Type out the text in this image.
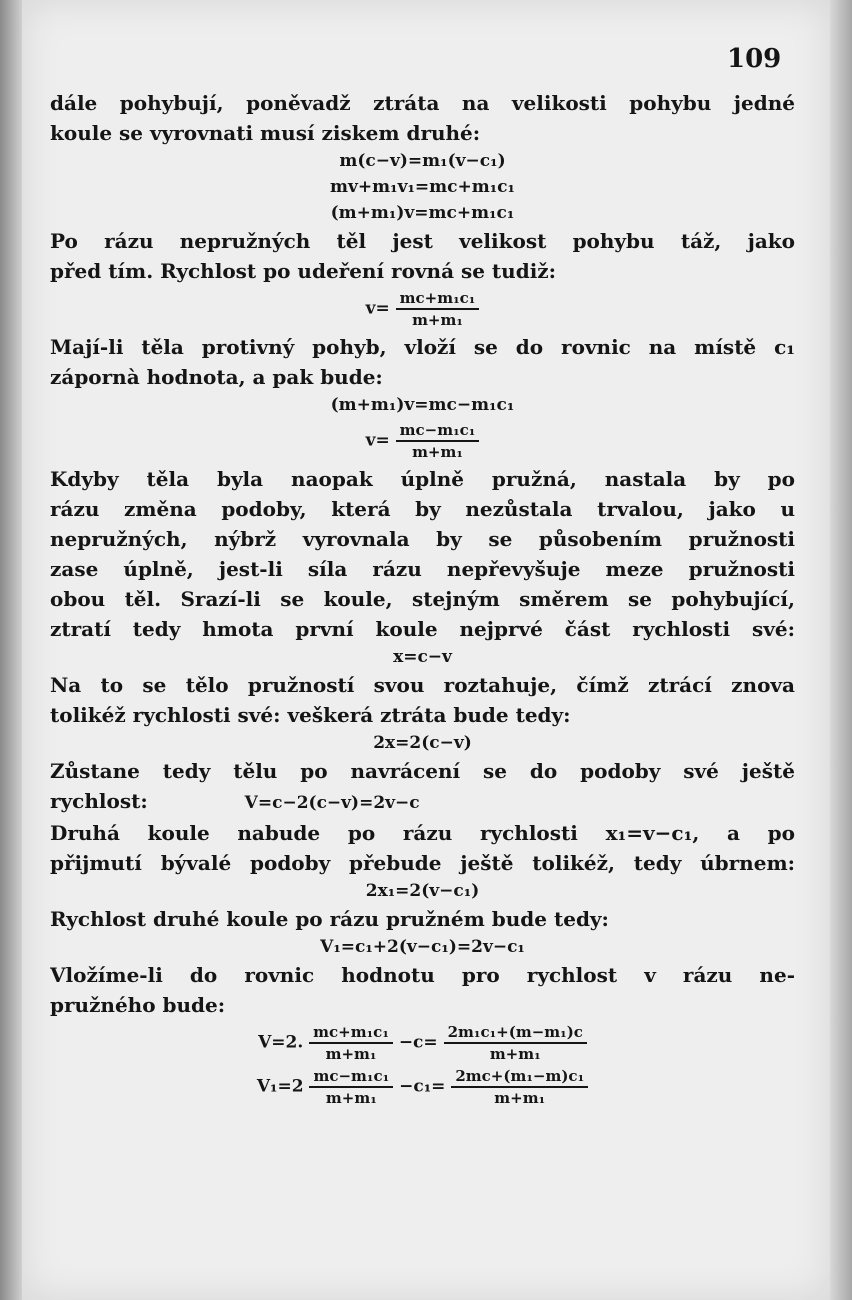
109
dále pohybují, poněvadž ztráta na velikosti pohybu jedné
koule se vyrovnati musí ziskem druhé:
m(c−v)=m₁(v−c₁)
mv+m₁v₁=mc+m₁c₁
(m+m₁)v=mc+m₁c₁
Po rázu nepružných těl jest velikost pohybu táž, jako
před tím. Rychlost po udeření rovná se tudiž:
$v= \frac{\text{mc+m₁c₁}}{\text{m+m₁}}$
Mají-li těla protivný pohyb, vloží se do rovnic na místě c₁
zápornà hodnota, a pak bude:
(m+m₁)v=mc−m₁c₁
$v= \frac{\text{mc−m₁c₁}}{\text{m+m₁}}$
Kdyby těla byla naopak úplně pružná, nastala by po
rázu změna podoby, která by nezůstala trvalou, jako u
nepružných, nýbrž vyrovnala by se působením pružnosti
zase úplně, jest-li síla rázu nepřevyšuje meze pružnosti
obou těl. Srazí-li se koule, stejným směrem se pohybující,
ztratí tedy hmota první koule nejprvé část rychlosti své:
x=c−v
Na to se tělo pružností svou roztahuje, čímž ztrácí znova
tolikéž rychlosti své: veškerá ztráta bude tedy:
2x=2(c−v)
Zůstane tedy tělu po navrácení se do podoby své ještě
rychlost:	V=c−2(c−v)=2v−c
Druhá koule nabude po rázu rychlosti x₁=v−c₁, a po
přijmutí bývalé podoby přebude ještě tolikéž, tedy úbrnem:
2x₁=2(v−c₁)
Rychlost druhé koule po rázu pružném bude tedy:
V₁=c₁+2(v−c₁)=2v−c₁
Vložíme-li do rovnic hodnotu pro rychlost v rázu ne-
pružného bude:
V=2. $\frac{\text{mc+m₁c₁}}{\text{m+m₁}} -c= \frac{\text{2m₁c₁+(m−m₁)c}}{\text{m+m₁}}$
$V_1=2 \frac{\text{mc−m₁c₁}}{\text{m+m₁}} -c_1= \frac{\text{2mc+(m₁−m)c₁}}{\text{m+m₁}}$
